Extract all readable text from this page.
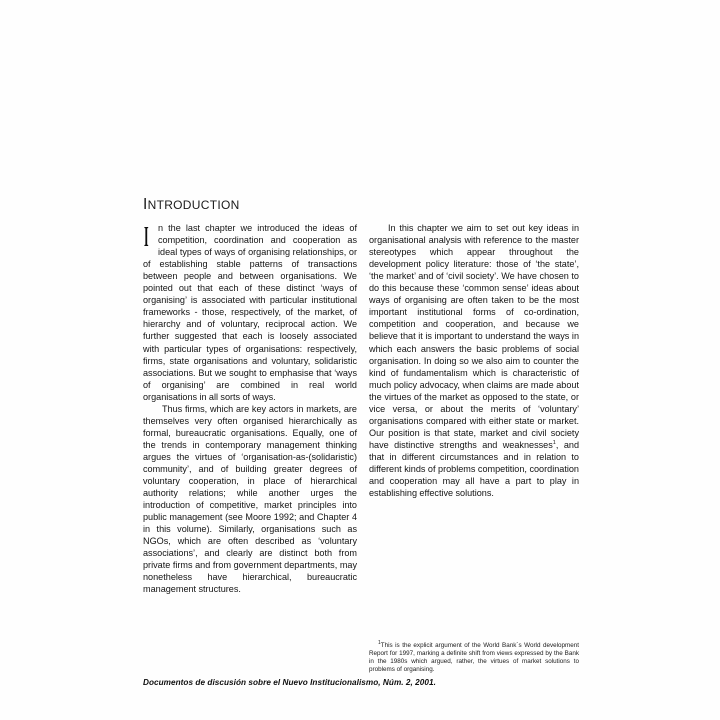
INTRODUCTION

I n the last chapter we introduced the ideas of competition, coordination and cooperation as ideal types of ways of organising relationships, or of establishing stable patterns of transactions between people and between organisations. We pointed out that each of these distinct ‘ways of organising’ is associated with particular institutional frameworks - those, respectively, of the market, of hierarchy and of voluntary, reciprocal action. We further suggested that each is loosely associated with particular types of organisations: respectively, firms, state organisations and voluntary, solidaristic associations. But we sought to emphasise that ‘ways of organising’ are combined in real world organisations in all sorts of ways.

Thus firms, which are key actors in markets, are themselves very often organised hierarchically as formal, bureaucratic organisations. Equally, one of the trends in contemporary management thinking argues the virtues of ‘organisation-as-(solidaristic) community’, and of building greater degrees of voluntary cooperation, in place of hierarchical authority relations; while another urges the introduction of competitive, market principles into public management (see Moore 1992; and Chapter 4 in this volume). Similarly, organisations such as NGOs, which are often described as ‘voluntary associations’, and clearly are distinct both from private firms and from government departments, may nonetheless have hierarchical, bureaucratic management structures.

In this chapter we aim to set out key ideas in organisational analysis with reference to the master stereotypes which appear throughout the development policy literature: those of ‘the state’, ‘the market’ and of ‘civil society’. We have chosen to do this because these ‘common sense’ ideas about ways of organising are often taken to be the most important institutional forms of co-ordination, competition and cooperation, and because we believe that it is important to understand the ways in which each answers the basic problems of social organisation. In doing so we also aim to counter the kind of fundamentalism which is characteristic of much policy advocacy, when claims are made about the virtues of the market as opposed to the state, or vice versa, or about the merits of ‘voluntary’ organisations compared with either state or market. Our position is that state, market and civil society have distinctive strengths and weaknesses$^1$, and that in different circumstances and in relation to different kinds of problems competition, coordination and cooperation may all have a part to play in establishing effective solutions.

$^1$This is the explicit argument of the World Bank´s World development Report for 1997, marking a definite shift from views expressed by the Bank in the 1980s which argued, rather, the virtues of market solutions to problems of organising.

Documentos de discusión sobre el Nuevo Institucionalismo, Núm. 2, 2001.
